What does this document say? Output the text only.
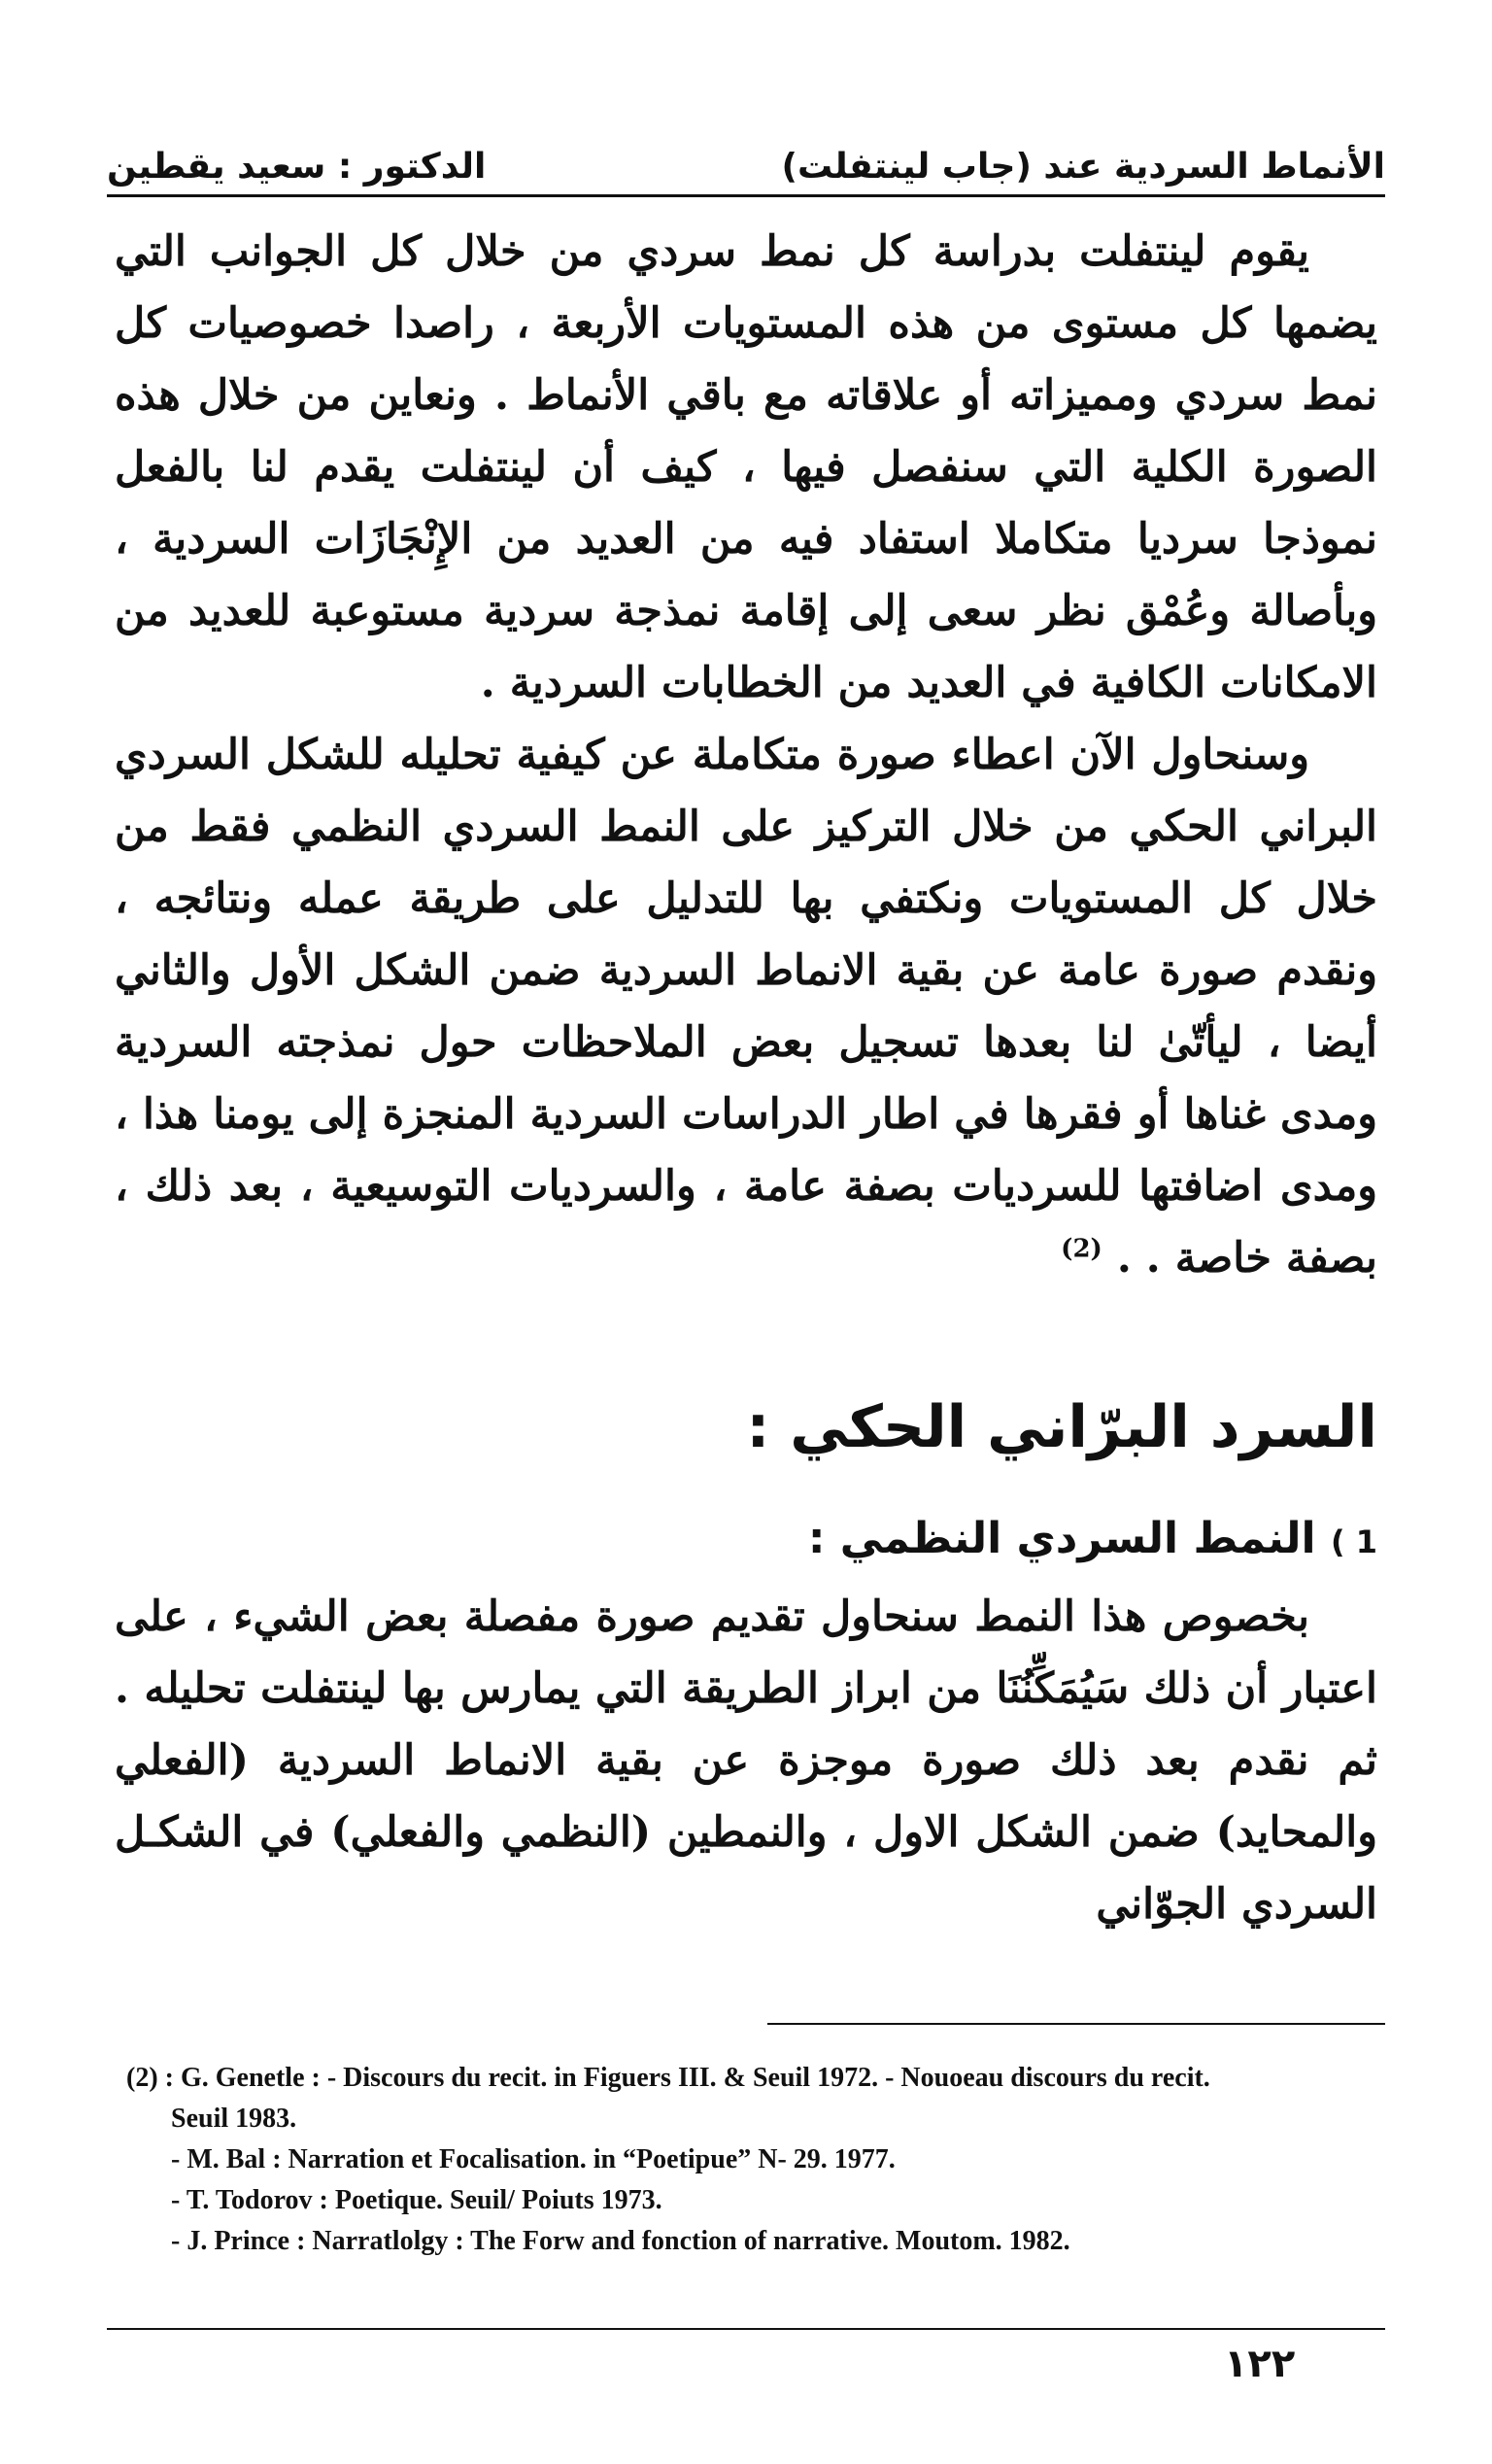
الأنماط السردية عند (جاب لينتفلت)
الدكتور : سعيد يقطين

يقوم لينتفلت بدراسة كل نمط سردي من خلال كل الجوانب التي يضمها كل مستوى من هذه المستويات الأربعة ، راصدا خصوصيات كل نمط سردي ومميزاته أو علاقاته مع باقي الأنماط . ونعاين من خلال هذه الصورة الكلية التي سنفصل فيها ، كيف أن لينتفلت يقدم لنا بالفعل نموذجا سرديا متكاملا استفاد فيه من العديد من الإِنْجَازَات السردية ، وبأصالة وعُمْق نظر سعى إلى إقامة نمذجة سردية مستوعبة للعديد من الامكانات الكافية في العديد من الخطابات السردية .

وسنحاول الآن اعطاء صورة متكاملة عن كيفية تحليله للشكل السردي البراني الحكي من خلال التركيز على النمط السردي النظمي فقط من خلال كل المستويات ونكتفي بها للتدليل على طريقة عمله ونتائجه ، ونقدم صورة عامة عن بقية الانماط السردية ضمن الشكل الأول والثاني أيضا ، ليأتّىٰ لنا بعدها تسجيل بعض الملاحظات حول نمذجته السردية ومدى غناها أو فقرها في اطار الدراسات السردية المنجزة إلى يومنا هذا ، ومدى اضافتها للسرديات بصفة عامة ، والسرديات التوسيعية ، بعد ذلك ، بصفة خاصة . . $^{(2)}$

السرد البرّاني الحكي :
1 ) النمط السردي النظمي :

بخصوص هذا النمط سنحاول تقديم صورة مفصلة بعض الشيء ، على اعتبار أن ذلك سَيُمَكِّنُنَا من ابراز الطريقة التي يمارس بها لينتفلت تحليله . ثم نقدم بعد ذلك صورة موجزة عن بقية الانماط السردية (الفعلي والمحايد) ضمن الشكل الاول ، والنمطين (النظمي والفعلي) في الشكـل السردي الجوّاني

(2) : G. Genetle : - Discours du recit. in Figuers III. & Seuil 1972. - Nouoeau discours du recit.

Seuil 1983.

- M. Bal : Narration et Focalisation. in “Poetipue” N- 29. 1977.

- T. Todorov : Poetique. Seuil/ Poiuts 1973.

- J. Prince : Narratlolgy : The Forw and fonction of narrative. Moutom. 1982.

١٢٢
